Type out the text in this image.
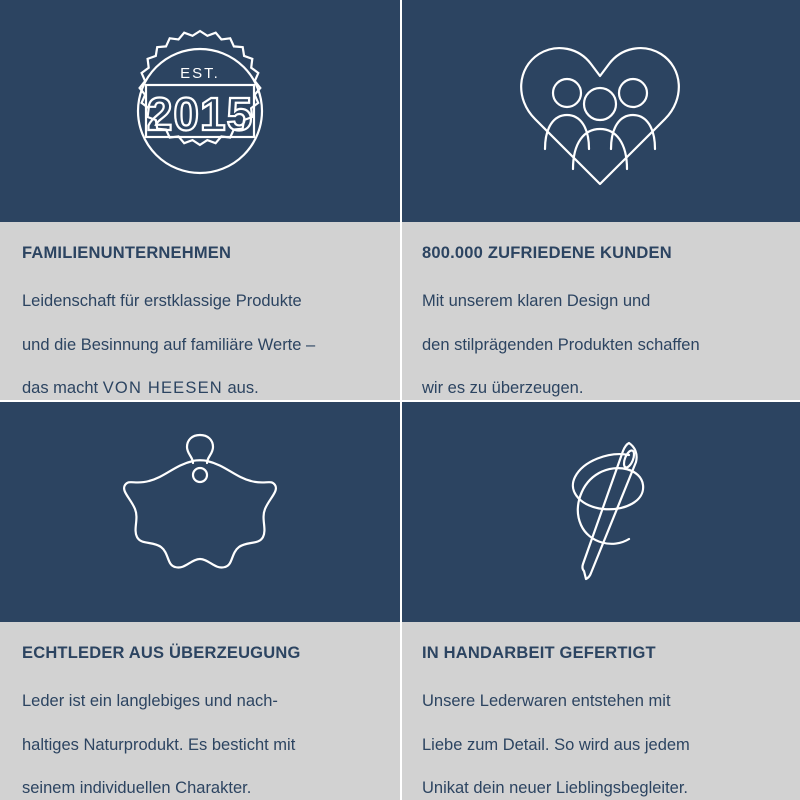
EST.
2015
FAMILIENUNTERNEHMEN

Leidenschaft für erstklassige Produkte

und die Besinnung auf familiäre Werte –

das macht VON HEESEN aus.

800.000 ZUFRIEDENE KUNDEN

Mit unserem klaren Design und

den stilprägenden Produkten schaffen

wir es zu überzeugen.

ECHTLEDER AUS ÜBERZEUGUNG

Leder ist ein langlebiges und nach-

haltiges Naturprodukt. Es besticht mit

seinem individuellen Charakter.

IN HANDARBEIT GEFERTIGT

Unsere Lederwaren entstehen mit

Liebe zum Detail. So wird aus jedem

Unikat dein neuer Lieblingsbegleiter.
